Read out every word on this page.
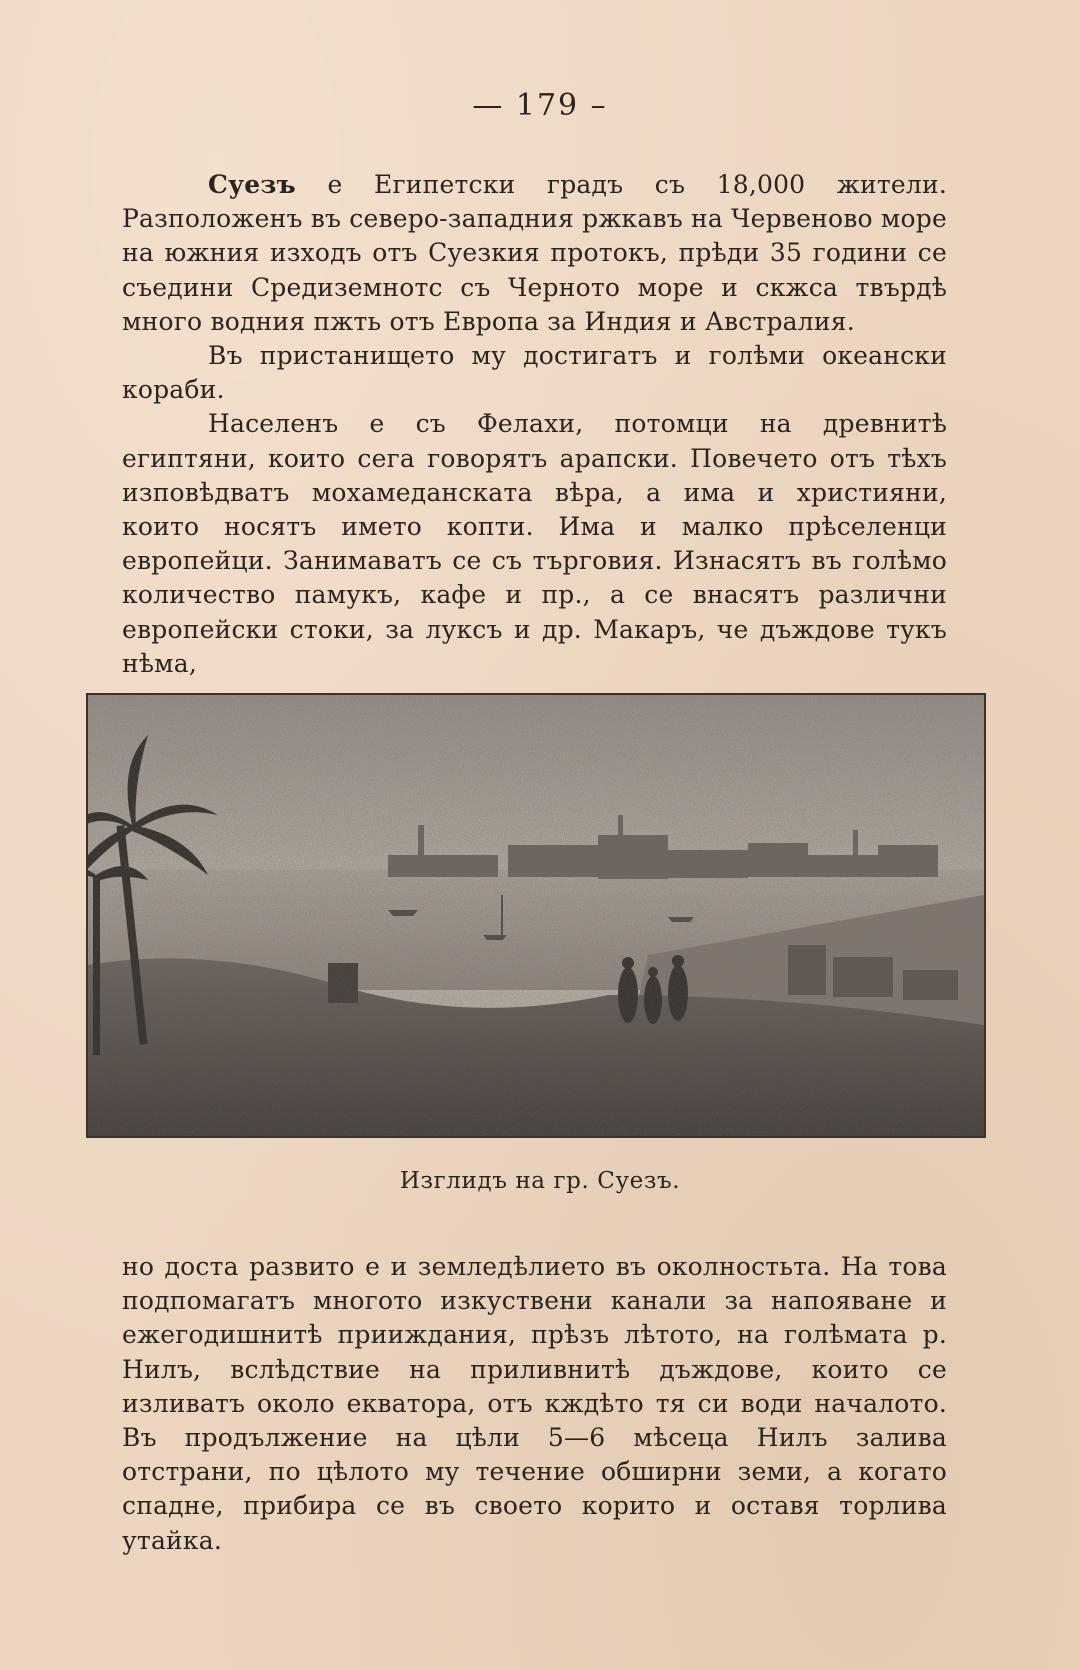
— 179 –

Суезъ е Египетски градъ съ 18,000 жители. Разположенъ въ северо-западния ржкавъ на Червеново море на южния изходъ отъ Суезкия протокъ, прѣди 35 години се съедини Средиземнотс съ Черното море и скжса твърдѣ много водния пжть отъ Европа за Индия и Австралия.

Въ пристанището му достигатъ и голѣми океански кораби.

Населенъ е съ Фелахи, потомци на древнитѣ египтяни, които сега говорятъ арапски. Повечето отъ тѣхъ изповѣдватъ мохамеданската вѣра, а има и християни, които носятъ името копти. Има и малко прѣселенци европейци. Занимаватъ се съ търговия. Изнасятъ въ голѣмо количество памукъ, кафе и пр., а се внасятъ различни европейски стоки, за луксъ и др. Макаръ, че дъждове тукъ нѣма,

Изглидъ на гр. Суезъ.

но доста развито е и земледѣлието въ околностьта. На това подпомагатъ многото изкуствени канали за напояване и ежегодишнитѣ прииждания, прѣзъ лѣтото, на голѣмата р. Нилъ, вслѣдствие на приливнитѣ дъждове, които се изливатъ около екватора, отъ кждѣто тя си води началото. Въ продължение на цѣли 5—6 мѣсеца Нилъ залива отстрани, по цѣлото му течение обширни земи, а когато спадне, прибира се въ своето корито и оставя торлива утайка.
